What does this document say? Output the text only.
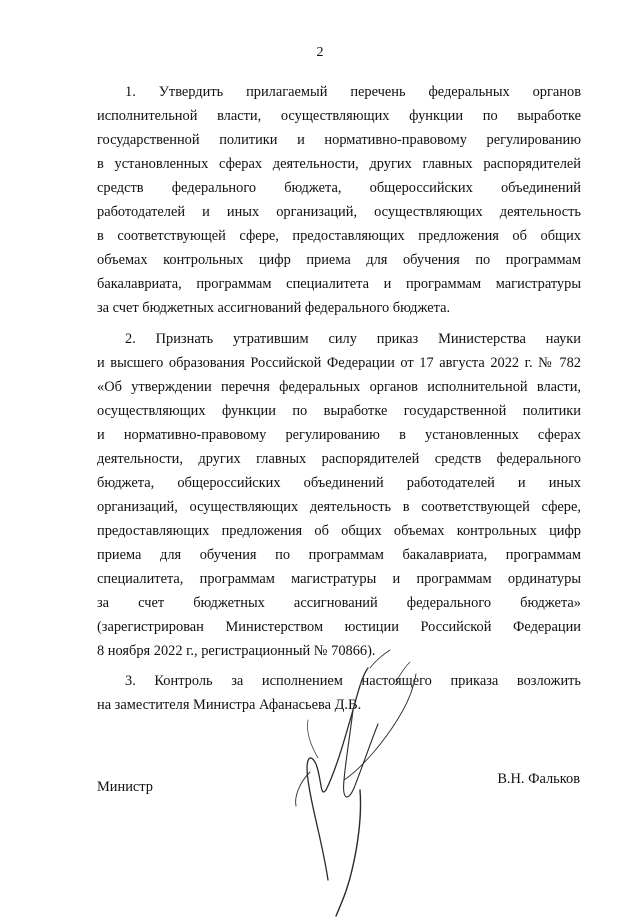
2
1. Утвердить прилагаемый перечень федеральных органов
исполнительной власти, осуществляющих функции по выработке
государственной политики и нормативно-правовому регулированию
в установленных сферах деятельности, других главных распорядителей
средств федерального бюджета, общероссийских объединений
работодателей и иных организаций, осуществляющих деятельность
в соответствующей сфере, предоставляющих предложения об общих
объемах контрольных цифр приема для обучения по программам
бакалавриата, программам специалитета и программам магистратуры
за счет бюджетных ассигнований федерального бюджета.
2. Признать утратившим силу приказ Министерства науки
и высшего образования Российской Федерации от 17 августа 2022 г. № 782
«Об утверждении перечня федеральных органов исполнительной власти,
осуществляющих функции по выработке государственной политики
и нормативно-правовому регулированию в установленных сферах
деятельности, других главных распорядителей средств федерального
бюджета, общероссийских объединений работодателей и иных
организаций, осуществляющих деятельность в соответствующей сфере,
предоставляющих предложения об общих объемах контрольных цифр
приема для обучения по программам бакалавриата, программам
специалитета, программам магистратуры и программам ординатуры
за счет бюджетных ассигнований федерального бюджета»
(зарегистрирован Министерством юстиции Российской Федерации
8 ноября 2022 г., регистрационный № 70866).
3. Контроль за исполнением настоящего приказа возложить
на заместителя Министра Афанасьева Д.В.
Министр	В.Н. Фальков
